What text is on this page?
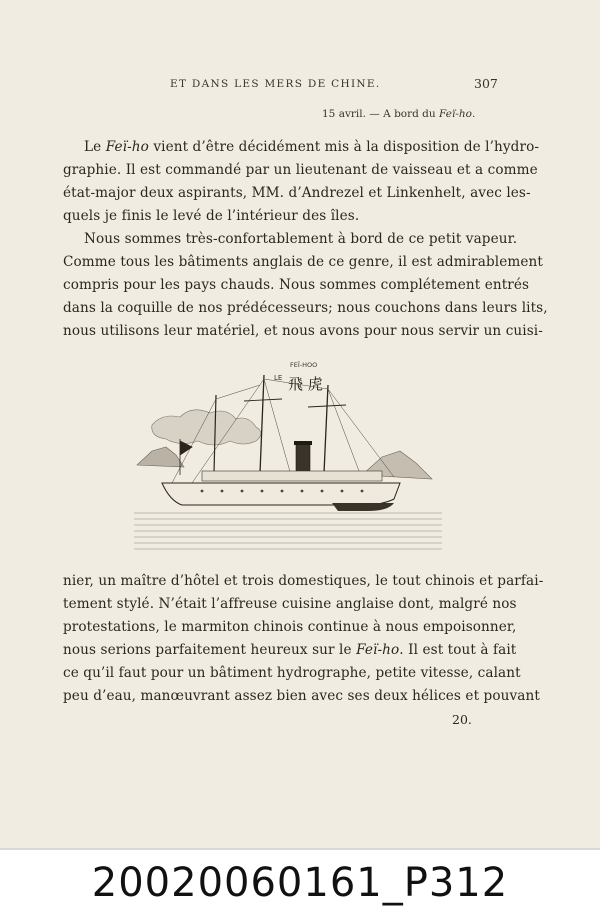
ET DANS LES MERS DE CHINE.	307
15 avril. — A bord du Feï-ho.
Le Feï-ho vient d’être décidément mis à la disposition de l’hydro-
graphie. Il est commandé par un lieutenant de vaisseau et a comme
état-major deux aspirants, MM. d’Andrezel et Linkenhelt, avec les-
quels je finis le levé de l’intérieur des îles.
Nous sommes très-confortablement à bord de ce petit vapeur.
Comme tous les bâtiments anglais de ce genre, il est admirablement
compris pour les pays chauds. Nous sommes complétement entrés
dans la coquille de nos prédécesseurs; nous couchons dans leurs lits,
nous utilisons leur matériel, et nous avons pour nous servir un cuisi-
LE
FEÏ-HOO
飛 虎
nier, un maître d’hôtel et trois domestiques, le tout chinois et parfai-
tement stylé. N’était l’affreuse cuisine anglaise dont, malgré nos
protestations, le marmiton chinois continue à nous empoisonner,
nous serions parfaitement heureux sur le Feï-ho. Il est tout à fait
ce qu’il faut pour un bâtiment hydrographe, petite vitesse, calant
peu d’eau, manœuvrant assez bien avec ses deux hélices et pouvant
20.
20020060161_P312
